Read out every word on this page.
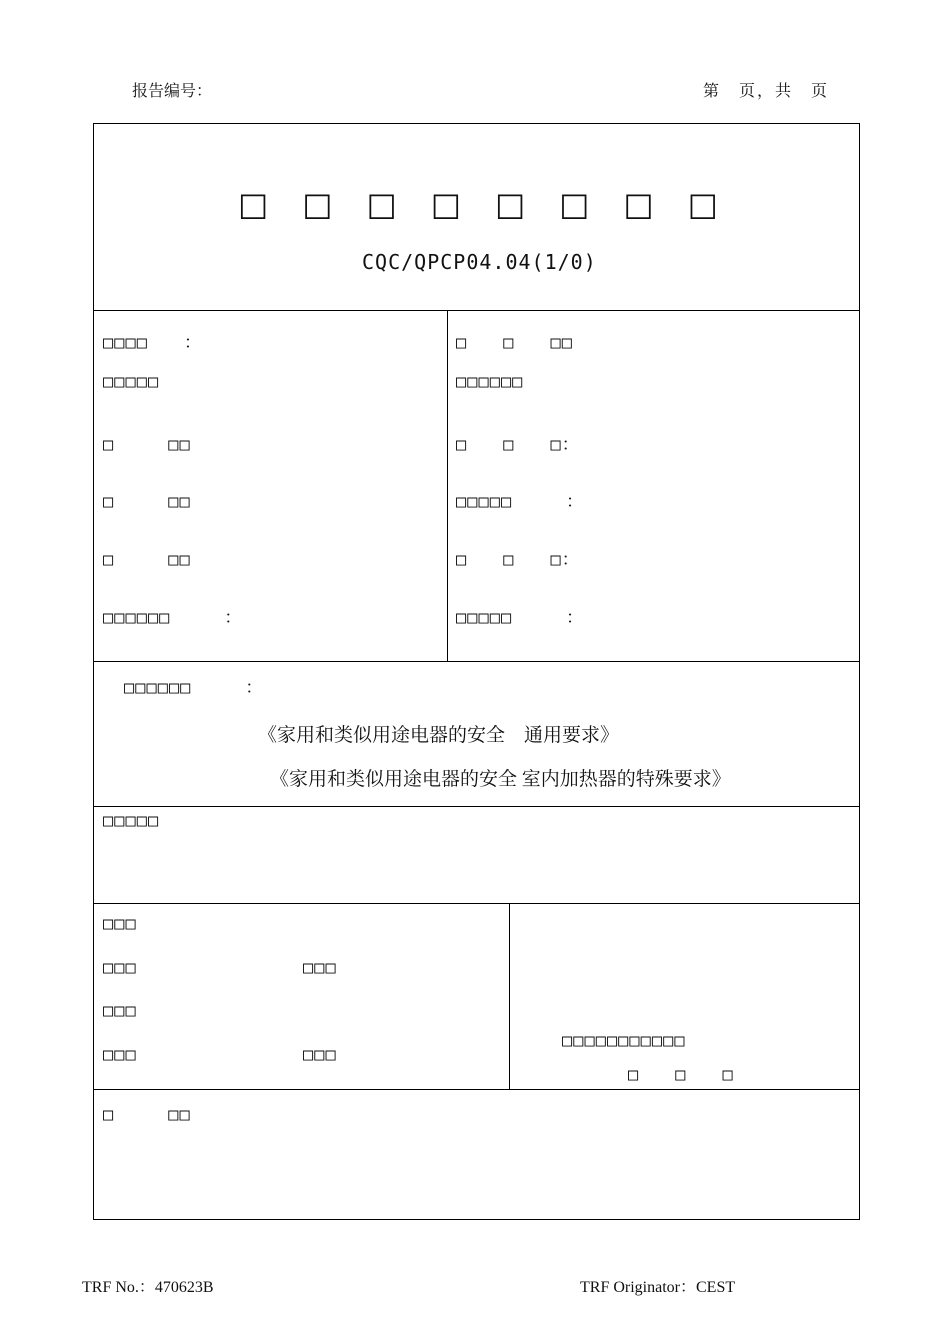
报告编号：	第　页，共　页
□□□□□□□□
CQC/QPCP04.04(1/0)
□□□□　　：
□□□□□
□　　　□□
□　　　□□
□　　　□□
□□□□□□　　　：
□　　□　　□□
□□□□□□
□　　□　　□：
□□□□□　　　：
□　　□　　□：
□□□□□　　　：
□□□□□□　　　：
《家用和类似用途电器的安全　通用要求》
《家用和类似用途电器的安全 室内加热器的特殊要求》
□□□□□
□□□
□□□
□□□
□□□
□□□
□□□
□□□□□□□□□□□
□　　□　　□
□　　　□□
TRF No.：470623B	TRF Originator：CEST
